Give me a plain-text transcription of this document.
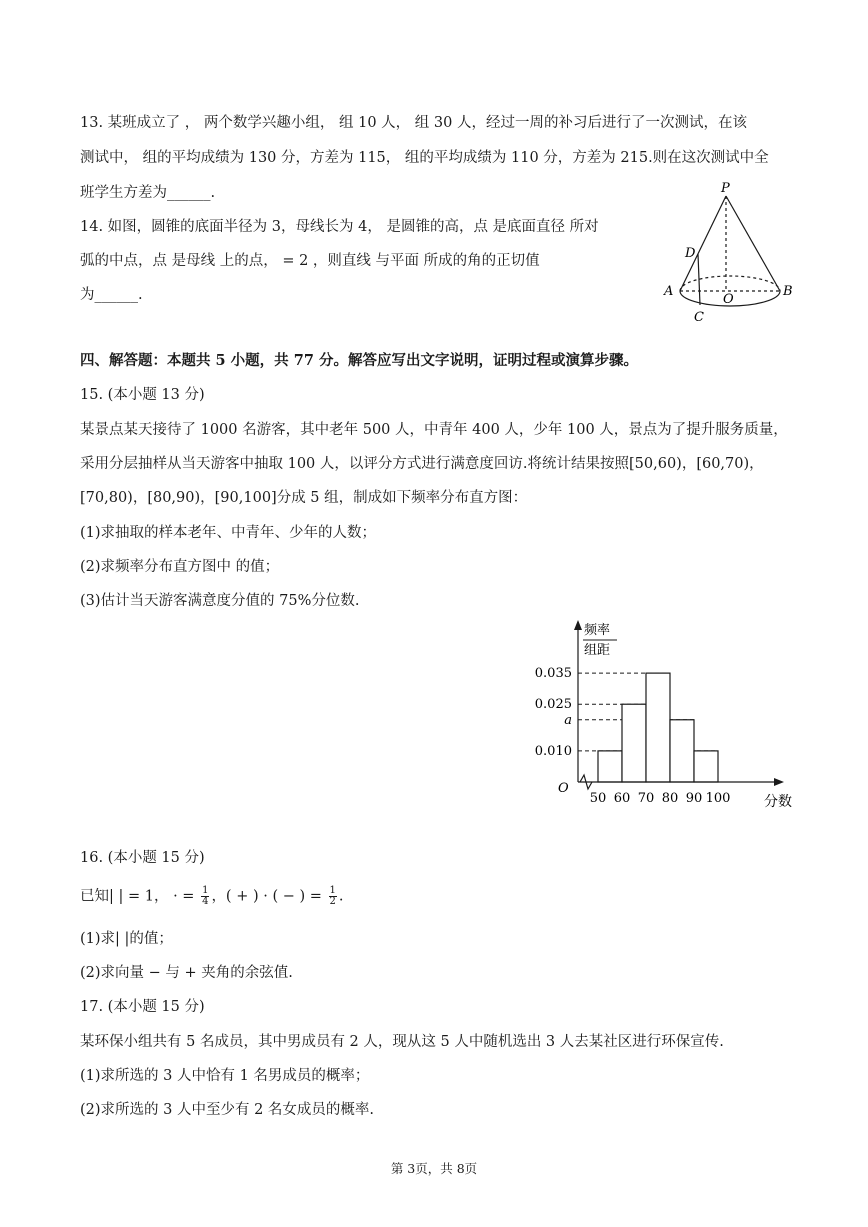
13. 某班成立了 ， 两个数学兴趣小组， 组 10 人， 组 30 人，经过一周的补习后进行了一次测试，在该
测试中， 组的平均成绩为 130 分，方差为 115， 组的平均成绩为 110 分，方差为 215.则在这次测试中全
班学生方差为______.
14. 如图，圆锥的底面半径为 3，母线长为 4， 是圆锥的高，点 是底面直径 所对
弧的中点，点 是母线 上的点， = 2 ，则直线 与平面 所成的角的正切值
为______.
P
D
A
O
B
C
四、解答题：本题共 5 小题，共 77 分。解答应写出文字说明，证明过程或演算步骤。
15. (本小题 13 分)
某景点某天接待了 1000 名游客，其中老年 500 人，中青年 400 人，少年 100 人，景点为了提升服务质量，
采用分层抽样从当天游客中抽取 100 人，以评分方式进行满意度回访.将统计结果按照[50,60)，[60,70)，
[70,80)，[80,90)，[90,100]分成 5 组，制成如下频率分布直方图：
(1)求抽取的样本老年、中青年、少年的人数；
(2)求频率分布直方图中 的值；
(3)估计当天游客满意度分值的 75%分位数.
频率
组距
O
分数
0.035
0.025
a
0.010
50 60 70 80 90 100
16. (本小题 15 分)
已知| | = 1， · = $\frac{1}{4}$ ，( + ) · ( − ) = $\frac{1}{2}$ .
(1)求| |的值；
(2)求向量 − 与 + 夹角的余弦值.
17. (本小题 15 分)
某环保小组共有 5 名成员，其中男成员有 2 人，现从这 5 人中随机选出 3 人去某社区进行环保宣传.
(1)求所选的 3 人中恰有 1 名男成员的概率；
(2)求所选的 3 人中至少有 2 名女成员的概率.
第 3页，共 8页
